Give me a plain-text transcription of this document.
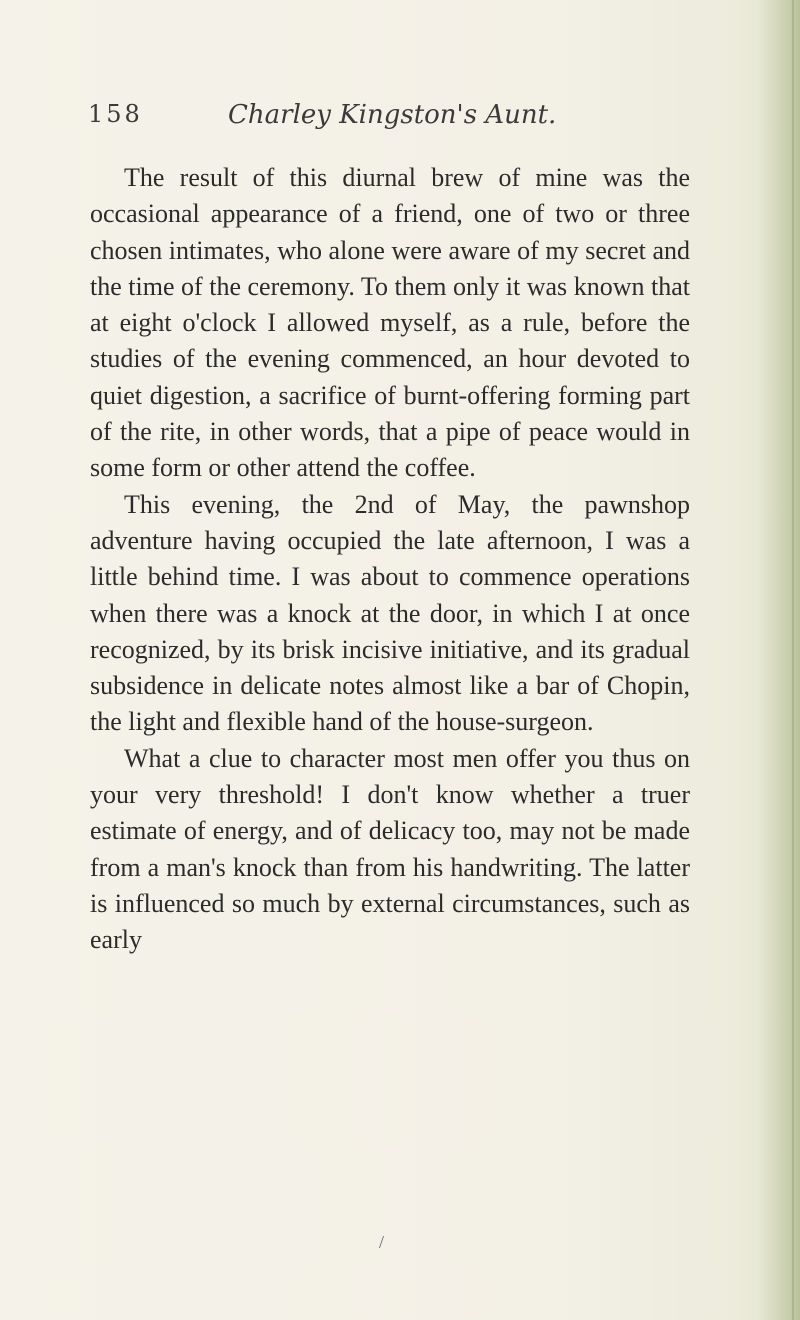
158	Charley Kingston's Aunt.

The result of this diurnal brew of mine was the occasional appearance of a friend, one of two or three chosen intimates, who alone were aware of my secret and the time of the ceremony. To them only it was known that at eight o'clock I allowed myself, as a rule, before the studies of the evening commenced, an hour devoted to quiet digestion, a sacrifice of burnt-offering forming part of the rite, in other words, that a pipe of peace would in some form or other attend the coffee.

This evening, the 2nd of May, the pawnshop adventure having occupied the late afternoon, I was a little behind time. I was about to commence operations when there was a knock at the door, in which I at once recognized, by its brisk incisive initiative, and its gradual subsidence in delicate notes almost like a bar of Chopin, the light and flexible hand of the house-surgeon.

What a clue to character most men offer you thus on your very threshold! I don't know whether a truer estimate of energy, and of delicacy too, may not be made from a man's knock than from his handwriting. The latter is influenced so much by external circumstances, such as early

/
